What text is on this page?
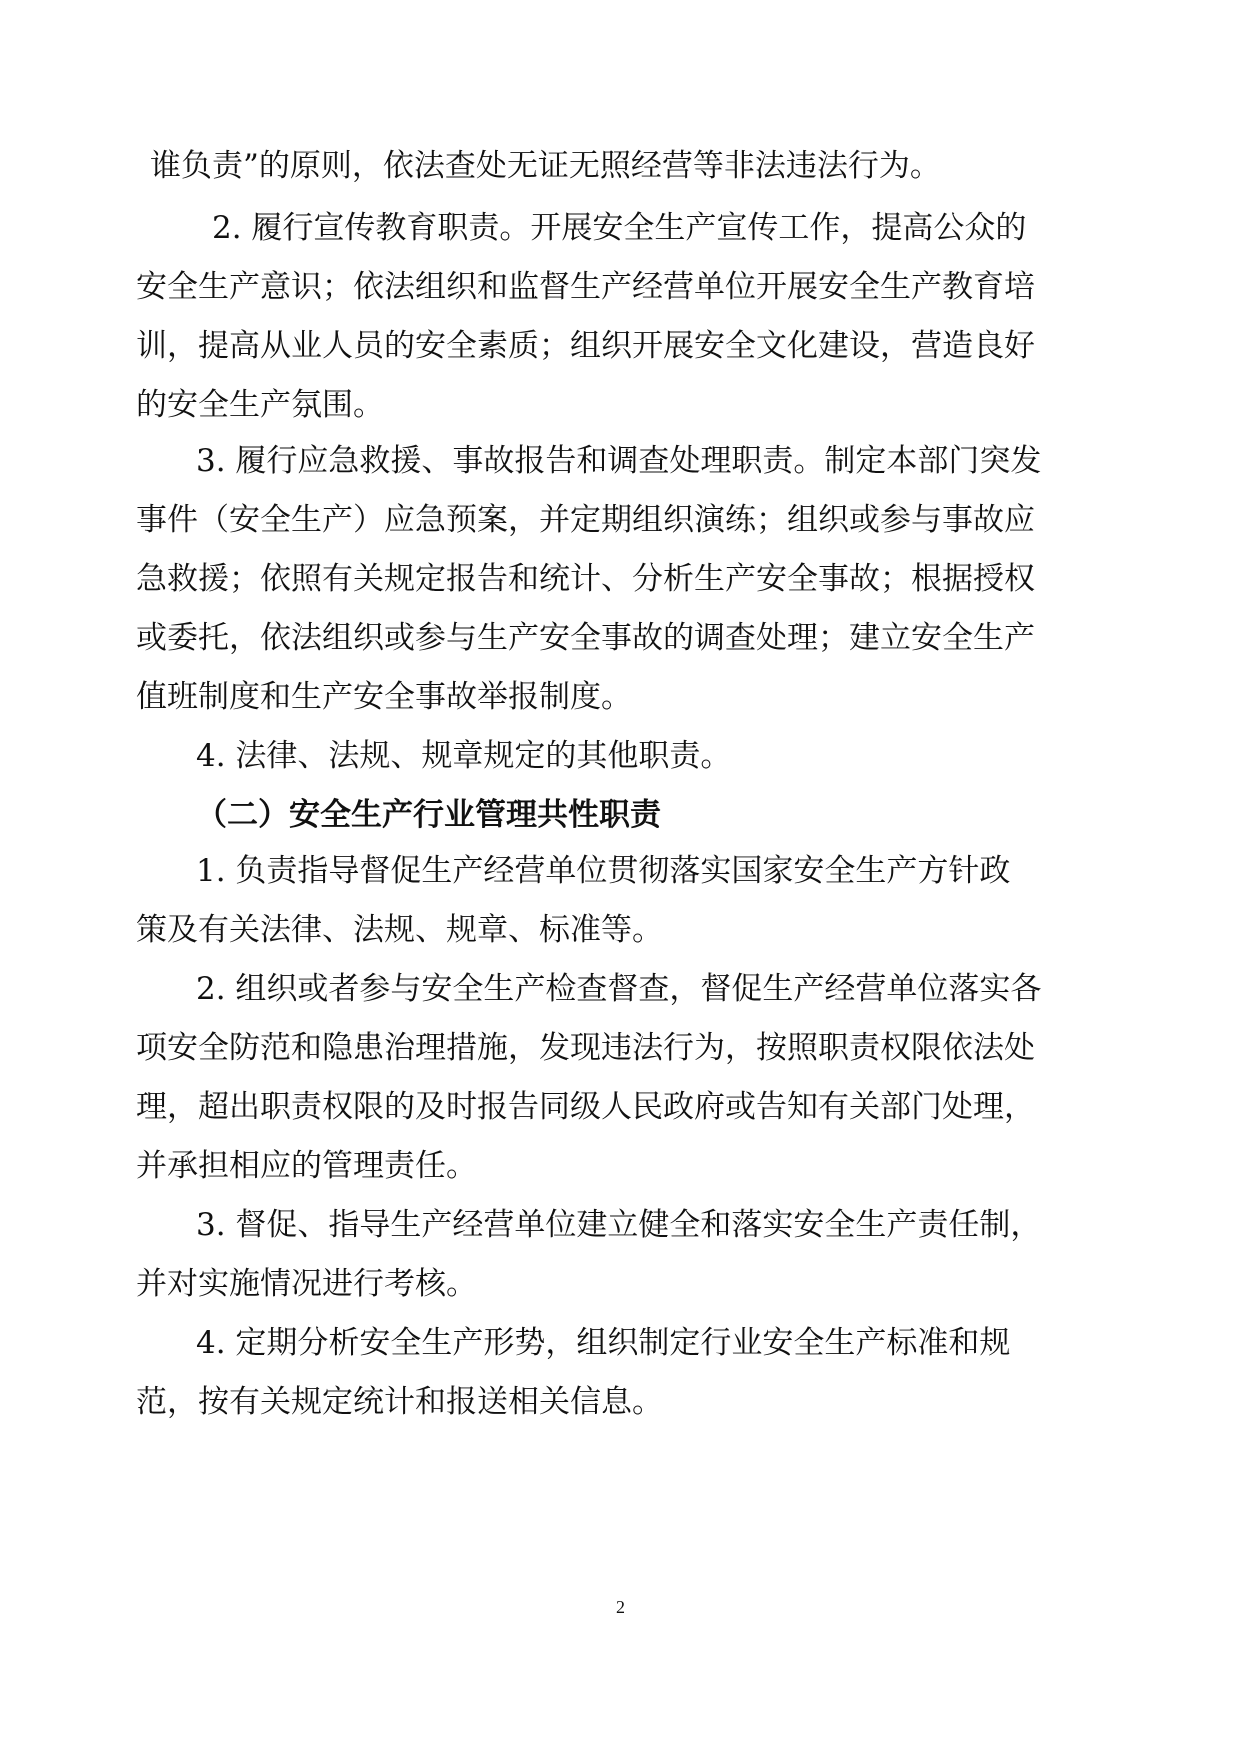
谁负责”的原则，依法查处无证无照经营等非法违法行为。

2. 履行宣传教育职责。开展安全生产宣传工作，提高公众的

安全生产意识；依法组织和监督生产经营单位开展安全生产教育培

训，提高从业人员的安全素质；组织开展安全文化建设，营造良好

的安全生产氛围。

3. 履行应急救援、事故报告和调查处理职责。制定本部门突发

事件（安全生产）应急预案，并定期组织演练；组织或参与事故应

急救援；依照有关规定报告和统计、分析生产安全事故；根据授权

或委托，依法组织或参与生产安全事故的调查处理；建立安全生产

值班制度和生产安全事故举报制度。

4. 法律、法规、规章规定的其他职责。

（二）安全生产行业管理共性职责

1. 负责指导督促生产经营单位贯彻落实国家安全生产方针政

策及有关法律、法规、规章、标准等。

2. 组织或者参与安全生产检查督查，督促生产经营单位落实各

项安全防范和隐患治理措施，发现违法行为，按照职责权限依法处

理，超出职责权限的及时报告同级人民政府或告知有关部门处理，

并承担相应的管理责任。

3. 督促、指导生产经营单位建立健全和落实安全生产责任制，

并对实施情况进行考核。

4. 定期分析安全生产形势，组织制定行业安全生产标准和规

范，按有关规定统计和报送相关信息。

2
